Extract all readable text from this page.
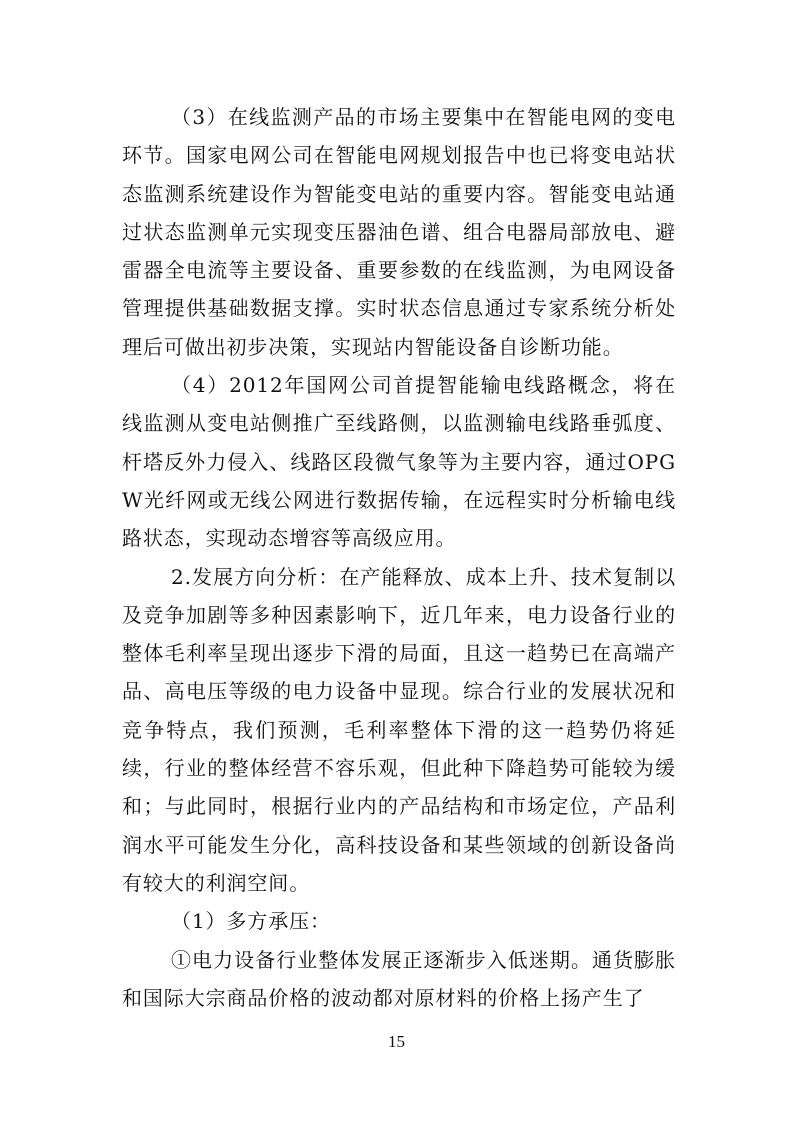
（3）在线监测产品的市场主要集中在智能电网的变电环节。国家电网公司在智能电网规划报告中也已将变电站状态监测系统建设作为智能变电站的重要内容。智能变电站通过状态监测单元实现变压器油色谱、组合电器局部放电、避雷器全电流等主要设备、重要参数的在线监测，为电网设备管理提供基础数据支撑。实时状态信息通过专家系统分析处理后可做出初步决策，实现站内智能设备自诊断功能。

（4）2012年国网公司首提智能输电线路概念，将在线监测从变电站侧推广至线路侧，以监测输电线路垂弧度、杆塔反外力侵入、线路区段微气象等为主要内容，通过OPGW光纤网或无线公网进行数据传输，在远程实时分析输电线路状态，实现动态增容等高级应用。

2.发展方向分析：在产能释放、成本上升、技术复制以及竞争加剧等多种因素影响下，近几年来，电力设备行业的整体毛利率呈现出逐步下滑的局面，且这一趋势已在高端产品、高电压等级的电力设备中显现。综合行业的发展状况和竞争特点，我们预测，毛利率整体下滑的这一趋势仍将延续，行业的整体经营不容乐观，但此种下降趋势可能较为缓和；与此同时，根据行业内的产品结构和市场定位，产品利润水平可能发生分化，高科技设备和某些领域的创新设备尚有较大的利润空间。

（1）多方承压：

①电力设备行业整体发展正逐渐步入低迷期。通货膨胀和国际大宗商品价格的波动都对原材料的价格上扬产生了

15
